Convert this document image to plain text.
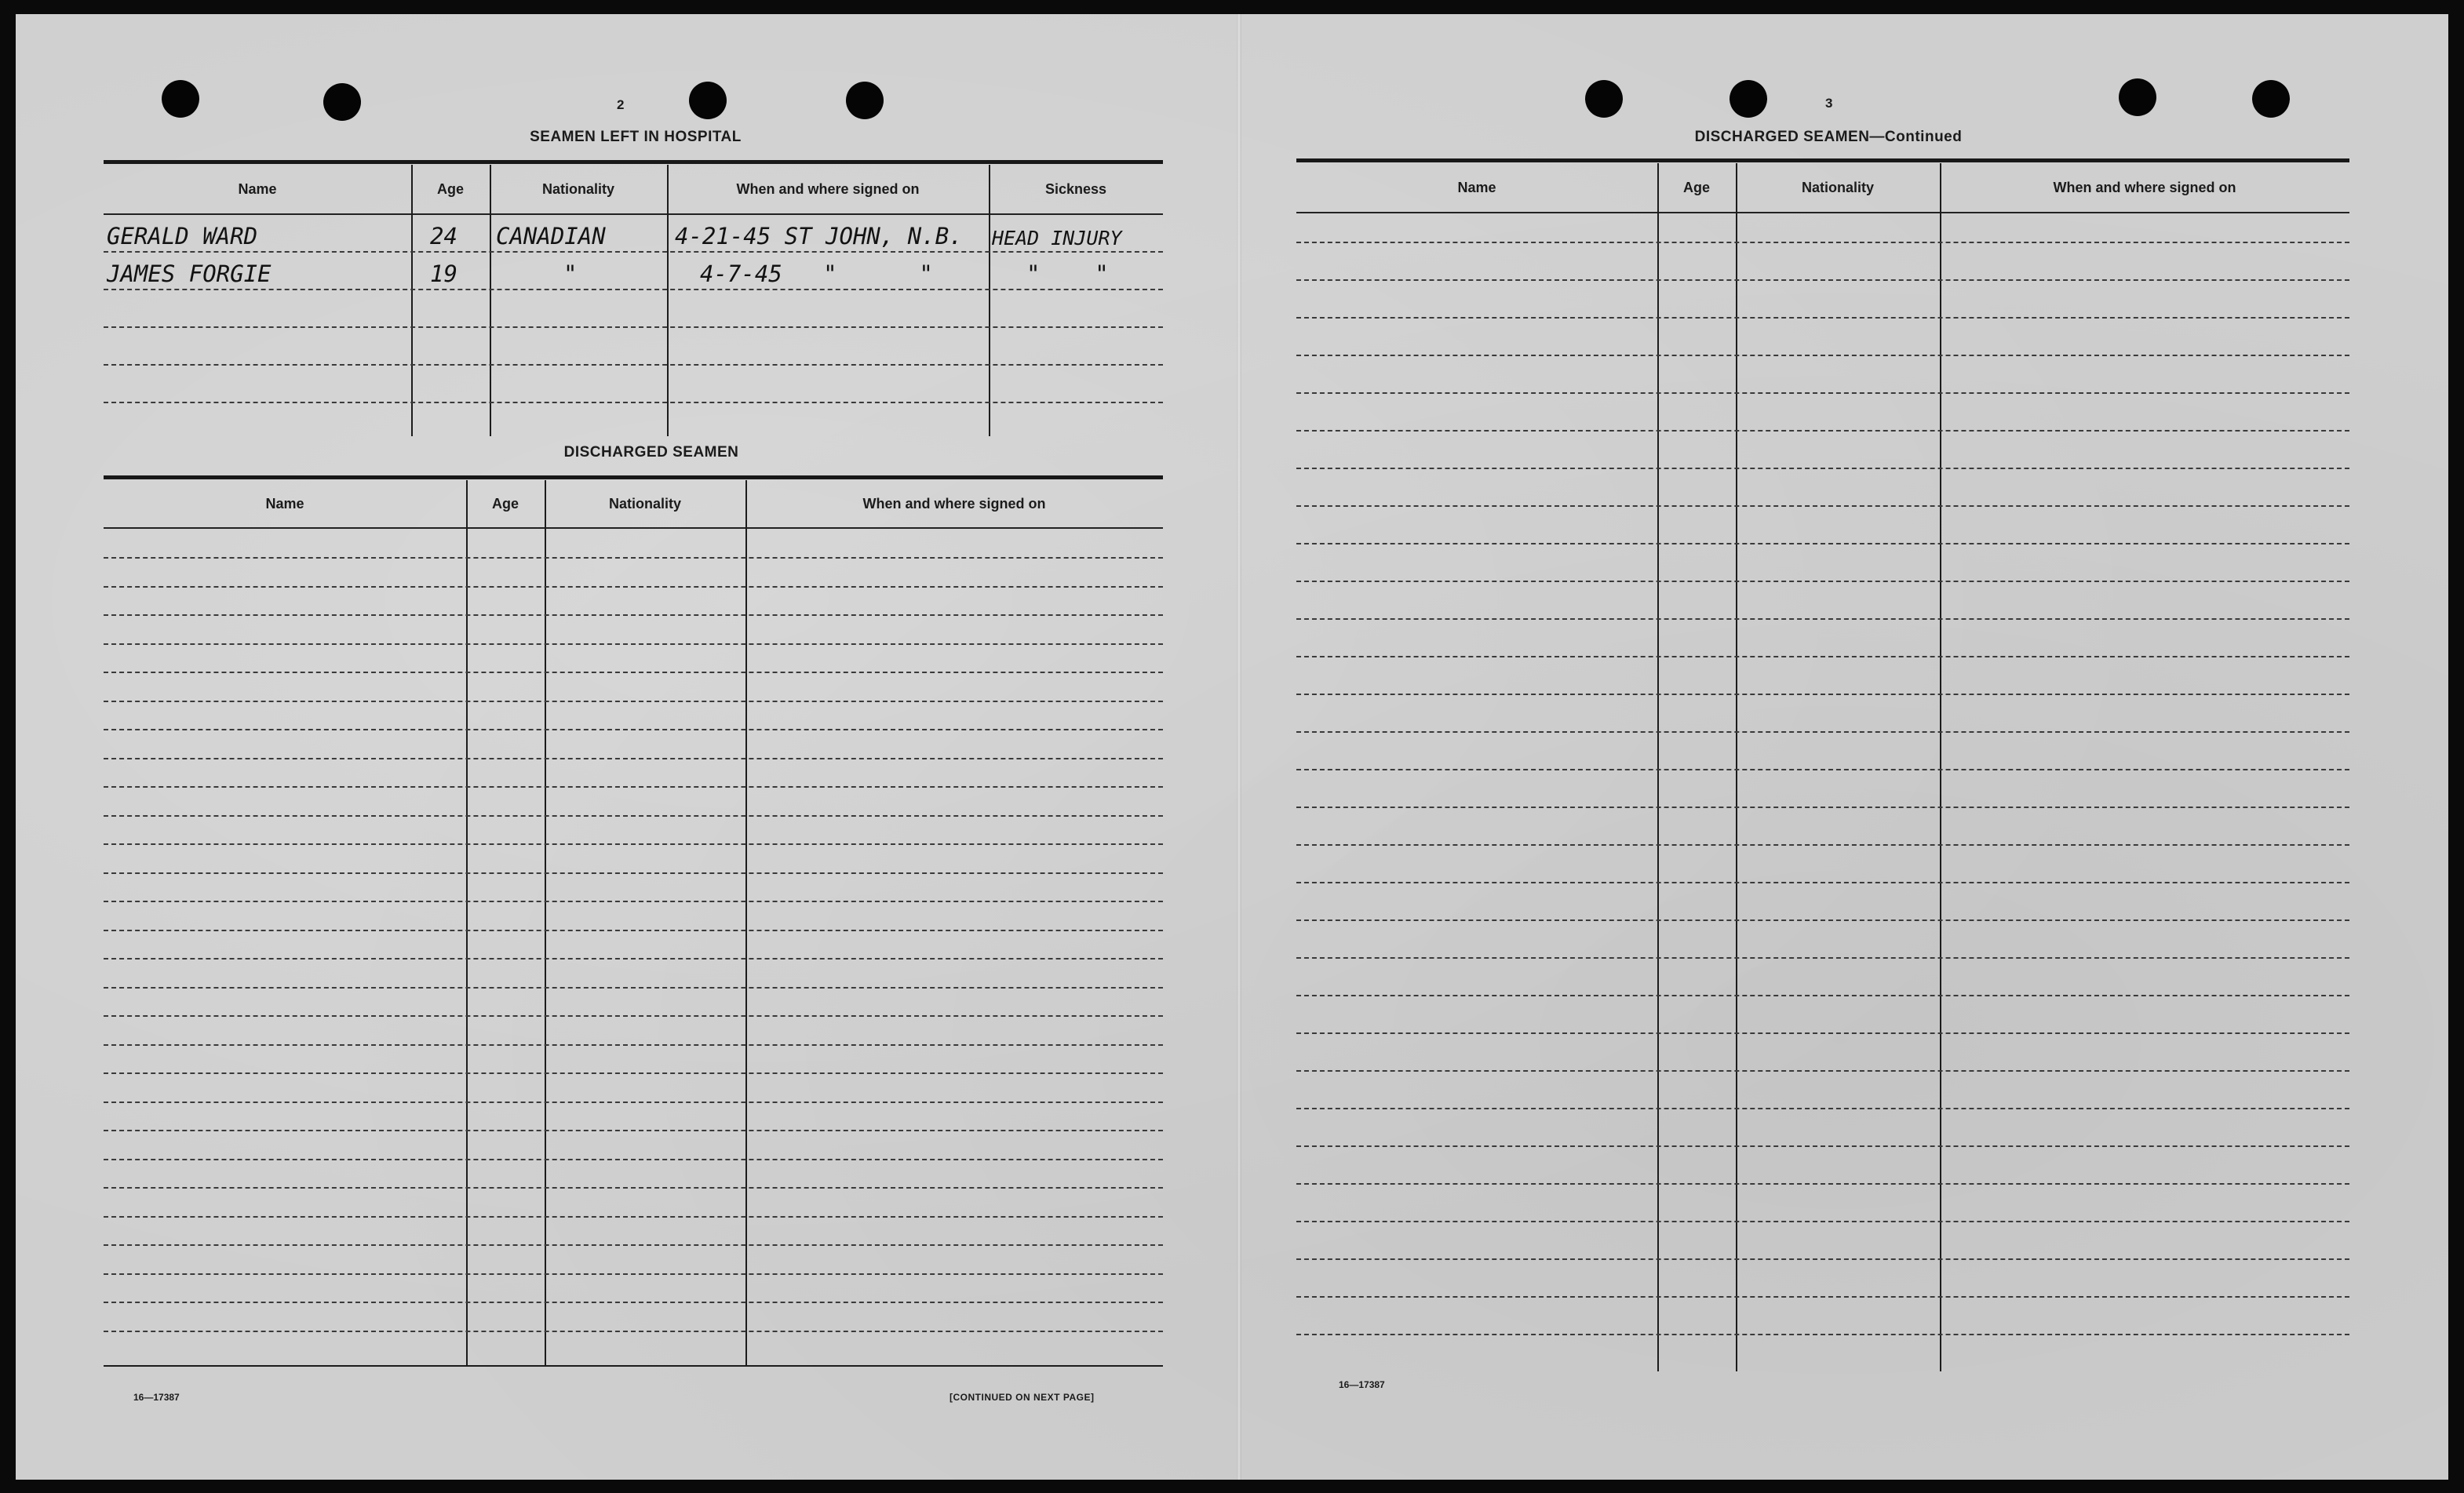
2
SEAMEN LEFT IN HOSPITAL
Name	Age	Nationality	When and where signed on	Sickness
GERALD WARD	24	CANADIAN	4-21-45 ST JOHN, N.B.	HEAD INJURY
JAMES FORGIE	19	"	4-7-45   "      "	"    "
DISCHARGED SEAMEN
Name	Age	Nationality	When and where signed on
16—17387	[CONTINUED ON NEXT PAGE]
3
DISCHARGED SEAMEN—Continued
Name	Age	Nationality	When and where signed on
16—17387
